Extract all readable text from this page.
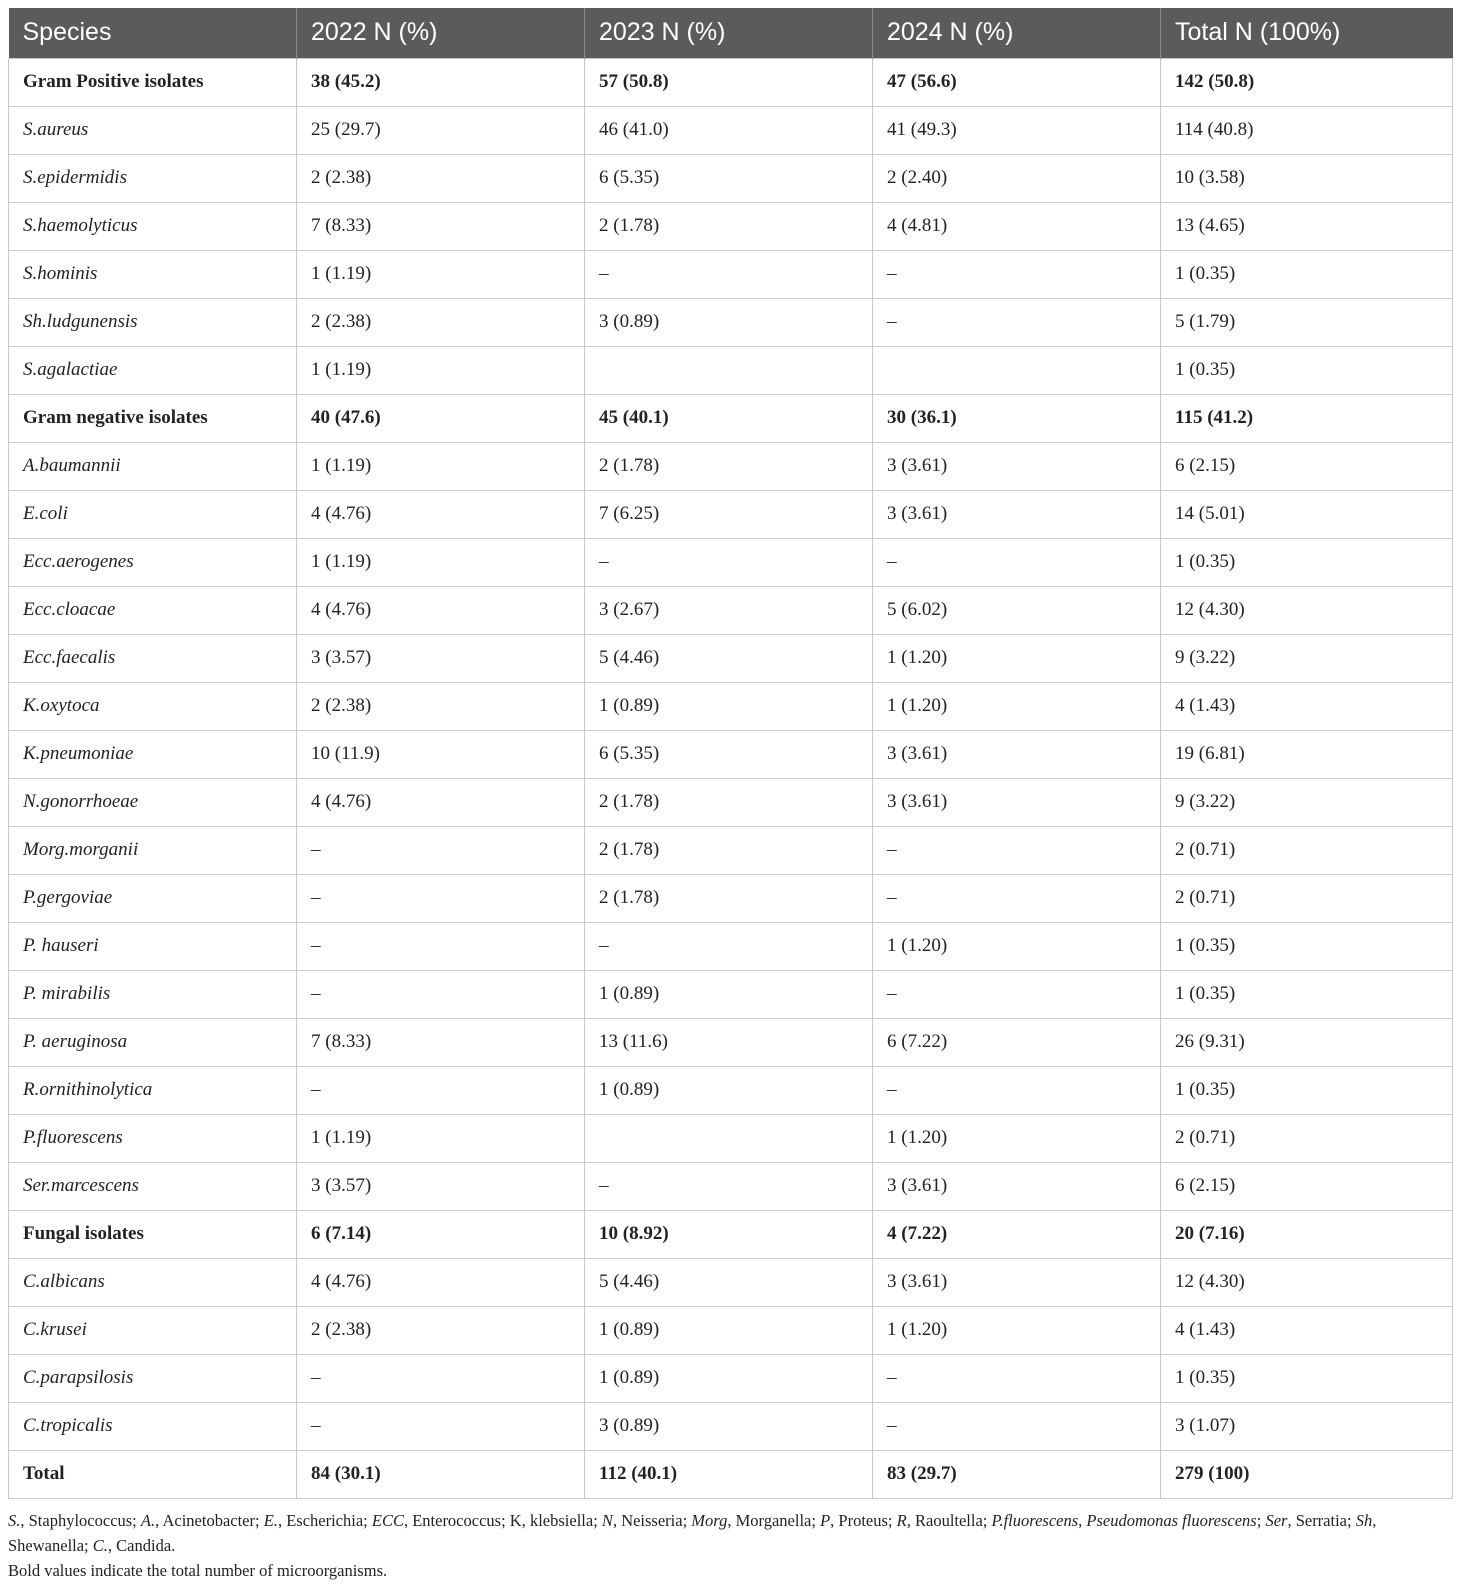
Species	2022 N (%)	2023 N (%)	2024 N (%)	Total N (100%)
Gram Positive isolates	38 (45.2)	57 (50.8)	47 (56.6)	142 (50.8)
S.aureus	25 (29.7)	46 (41.0)	41 (49.3)	114 (40.8)
S.epidermidis	2 (2.38)	6 (5.35)	2 (2.40)	10 (3.58)
S.haemolyticus	7 (8.33)	2 (1.78)	4 (4.81)	13 (4.65)
S.hominis	1 (1.19)	–	–	1 (0.35)
Sh.ludgunensis	2 (2.38)	3 (0.89)	–	5 (1.79)
S.agalactiae	1 (1.19)			1 (0.35)
Gram negative isolates	40 (47.6)	45 (40.1)	30 (36.1)	115 (41.2)
A.baumannii	1 (1.19)	2 (1.78)	3 (3.61)	6 (2.15)
E.coli	4 (4.76)	7 (6.25)	3 (3.61)	14 (5.01)
Ecc.aerogenes	1 (1.19)	–	–	1 (0.35)
Ecc.cloacae	4 (4.76)	3 (2.67)	5 (6.02)	12 (4.30)
Ecc.faecalis	3 (3.57)	5 (4.46)	1 (1.20)	9 (3.22)
K.oxytoca	2 (2.38)	1 (0.89)	1 (1.20)	4 (1.43)
K.pneumoniae	10 (11.9)	6 (5.35)	3 (3.61)	19 (6.81)
N.gonorrhoeae	4 (4.76)	2 (1.78)	3 (3.61)	9 (3.22)
Morg.morganii	–	2 (1.78)	–	2 (0.71)
P.gergoviae	–	2 (1.78)	–	2 (0.71)
P. hauseri	–	–	1 (1.20)	1 (0.35)
P. mirabilis	–	1 (0.89)	–	1 (0.35)
P. aeruginosa	7 (8.33)	13 (11.6)	6 (7.22)	26 (9.31)
R.ornithinolytica	–	1 (0.89)	–	1 (0.35)
P.fluorescens	1 (1.19)		1 (1.20)	2 (0.71)
Ser.marcescens	3 (3.57)	–	3 (3.61)	6 (2.15)
Fungal isolates	6 (7.14)	10 (8.92)	4 (7.22)	20 (7.16)
C.albicans	4 (4.76)	5 (4.46)	3 (3.61)	12 (4.30)
C.krusei	2 (2.38)	1 (0.89)	1 (1.20)	4 (1.43)
C.parapsilosis	–	1 (0.89)	–	1 (0.35)
C.tropicalis	–	3 (0.89)	–	3 (1.07)
Total	84 (30.1)	112 (40.1)	83 (29.7)	279 (100)

S., Staphylococcus; A., Acinetobacter; E., Escherichia; ECC, Enterococcus; K, klebsiella; N, Neisseria; Morg, Morganella; P, Proteus; R, Raoultella; P.fluorescens, Pseudomonas fluorescens; Ser, Serratia; Sh, Shewanella; C., Candida.

Bold values indicate the total number of microorganisms.
